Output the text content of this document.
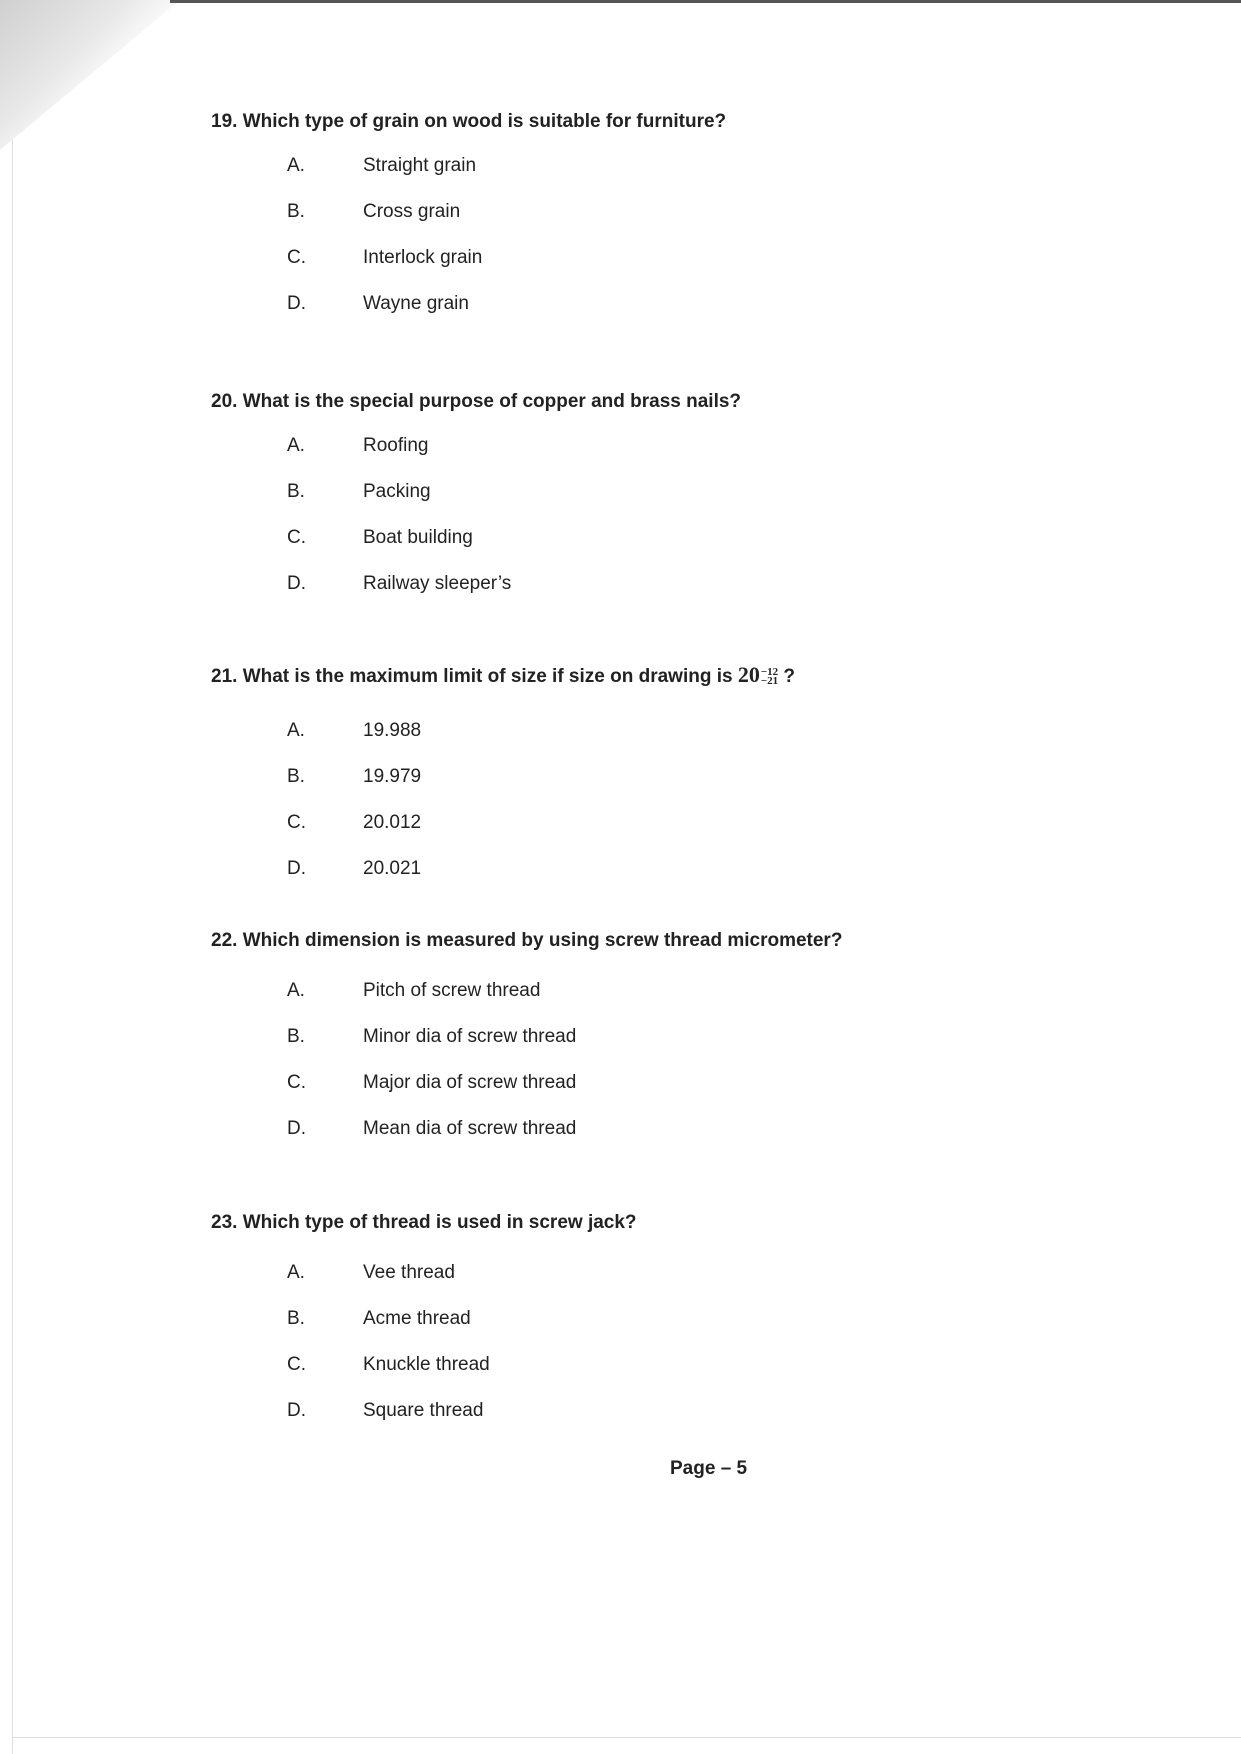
19. Which type of grain on wood is suitable for furniture?

A.	Straight grain
B.	Cross grain
C.	Interlock grain
D.	Wayne grain

20. What is the special purpose of copper and brass nails?

A.	Roofing
B.	Packing
C.	Boat building
D.	Railway sleeper’s

21. What is the maximum limit of size if size on drawing is 20 −12
−21 ?

A.	19.988
B.	19.979
C.	20.012
D.	20.021

22. Which dimension is measured by using screw thread micrometer?

A.	Pitch of screw thread
B.	Minor dia of screw thread
C.	Major dia of screw thread
D.	Mean dia of screw thread

23. Which type of thread is used in screw jack?

A.	Vee thread
B.	Acme thread
C.	Knuckle thread
D.	Square thread
Page – 5
